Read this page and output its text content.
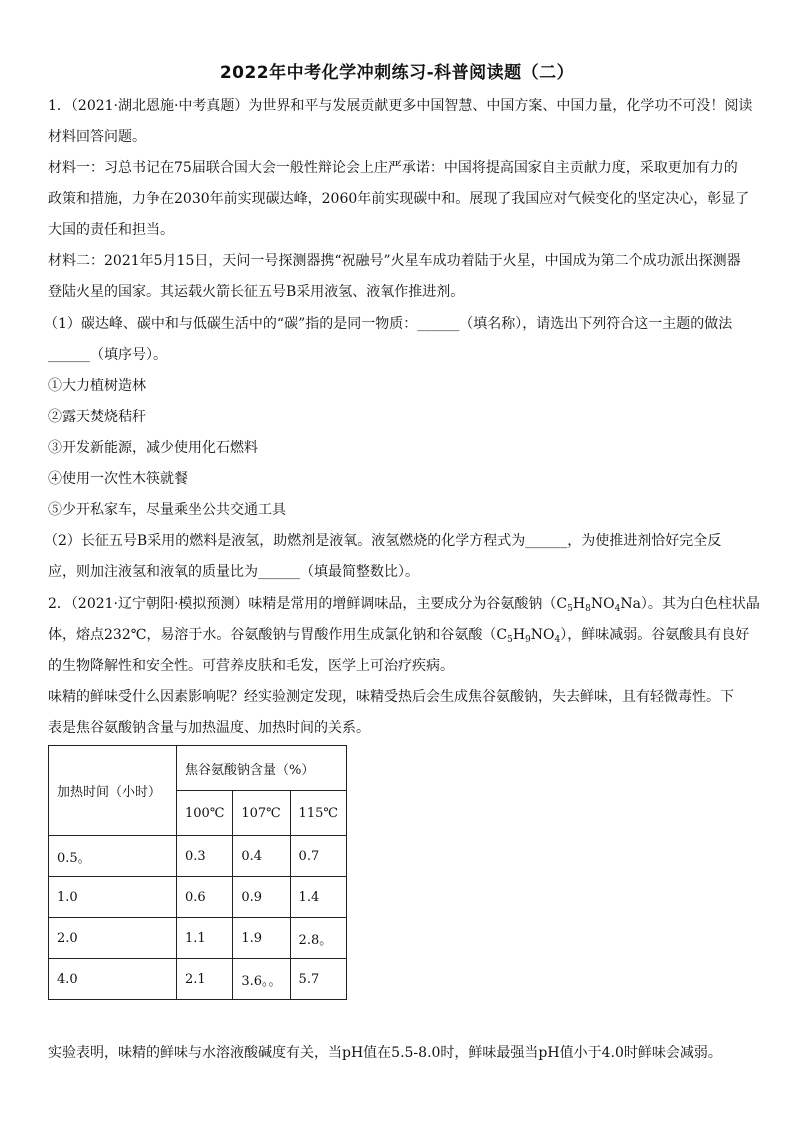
2022年中考化学冲刺练习-科普阅读题（二）
1．（2021·湖北恩施·中考真题）为世界和平与发展贡献更多中国智慧、中国方案、中国力量，化学功不可没！阅读
材料回答问题。
材料一：习总书记在75届联合国大会一般性辩论会上庄严承诺：中国将提高国家自主贡献力度，采取更加有力的
政策和措施，力争在2030年前实现碳达峰，2060年前实现碳中和。展现了我国应对气候变化的坚定决心，彰显了
大国的责任和担当。
材料二：2021年5月15日，天问一号探测器携“祝融号”火星车成功着陆于火星，中国成为第二个成功派出探测器
登陆火星的国家。其运载火箭长征五号B采用液氢、液氧作推进剂。
（1）碳达峰、碳中和与低碳生活中的“碳”指的是同一物质：______（填名称），请选出下列符合这一主题的做法
______（填序号）。
①大力植树造林
②露天焚烧秸秆
③开发新能源，减少使用化石燃料
④使用一次性木筷就餐
⑤少开私家车，尽量乘坐公共交通工具
（2）长征五号B采用的燃料是液氢，助燃剂是液氧。液氢燃烧的化学方程式为______，为使推进剂恰好完全反
应，则加注液氢和液氧的质量比为______（填最简整数比）。
2．（2021·辽宁朝阳·模拟预测）味精是常用的增鲜调味品，主要成分为谷氨酸钠$(C_5H_8NO_4Na)$。其为白色柱状晶
体，熔点232℃，易溶于水。谷氨酸钠与胃酸作用生成氯化钠和谷氨酸$(C_5H_9NO_4)$，鲜味减弱。谷氨酸具有良好
的生物降解性和安全性。可营养皮肤和毛发，医学上可治疗疾病。
味精的鲜味受什么因素影响呢？经实验测定发现，味精受热后会生成焦谷氨酸钠，失去鲜味，且有轻微毒性。下
表是焦谷氨酸钠含量与加热温度、加热时间的关系。
加热时间（小时）	焦谷氨酸钠含量（%）		
	100℃	107℃	115℃
0.5。	0.3	0.4	0.7
1.0	0.6	0.9	1.4
2.0	1.1	1.9	2.8。
4.0	2.1	3.6。。	5.7
实验表明，味精的鲜味与水溶液酸碱度有关，当pH值在5.5-8.0时，鲜味最强当pH值小于4.0时鲜味会减弱。
